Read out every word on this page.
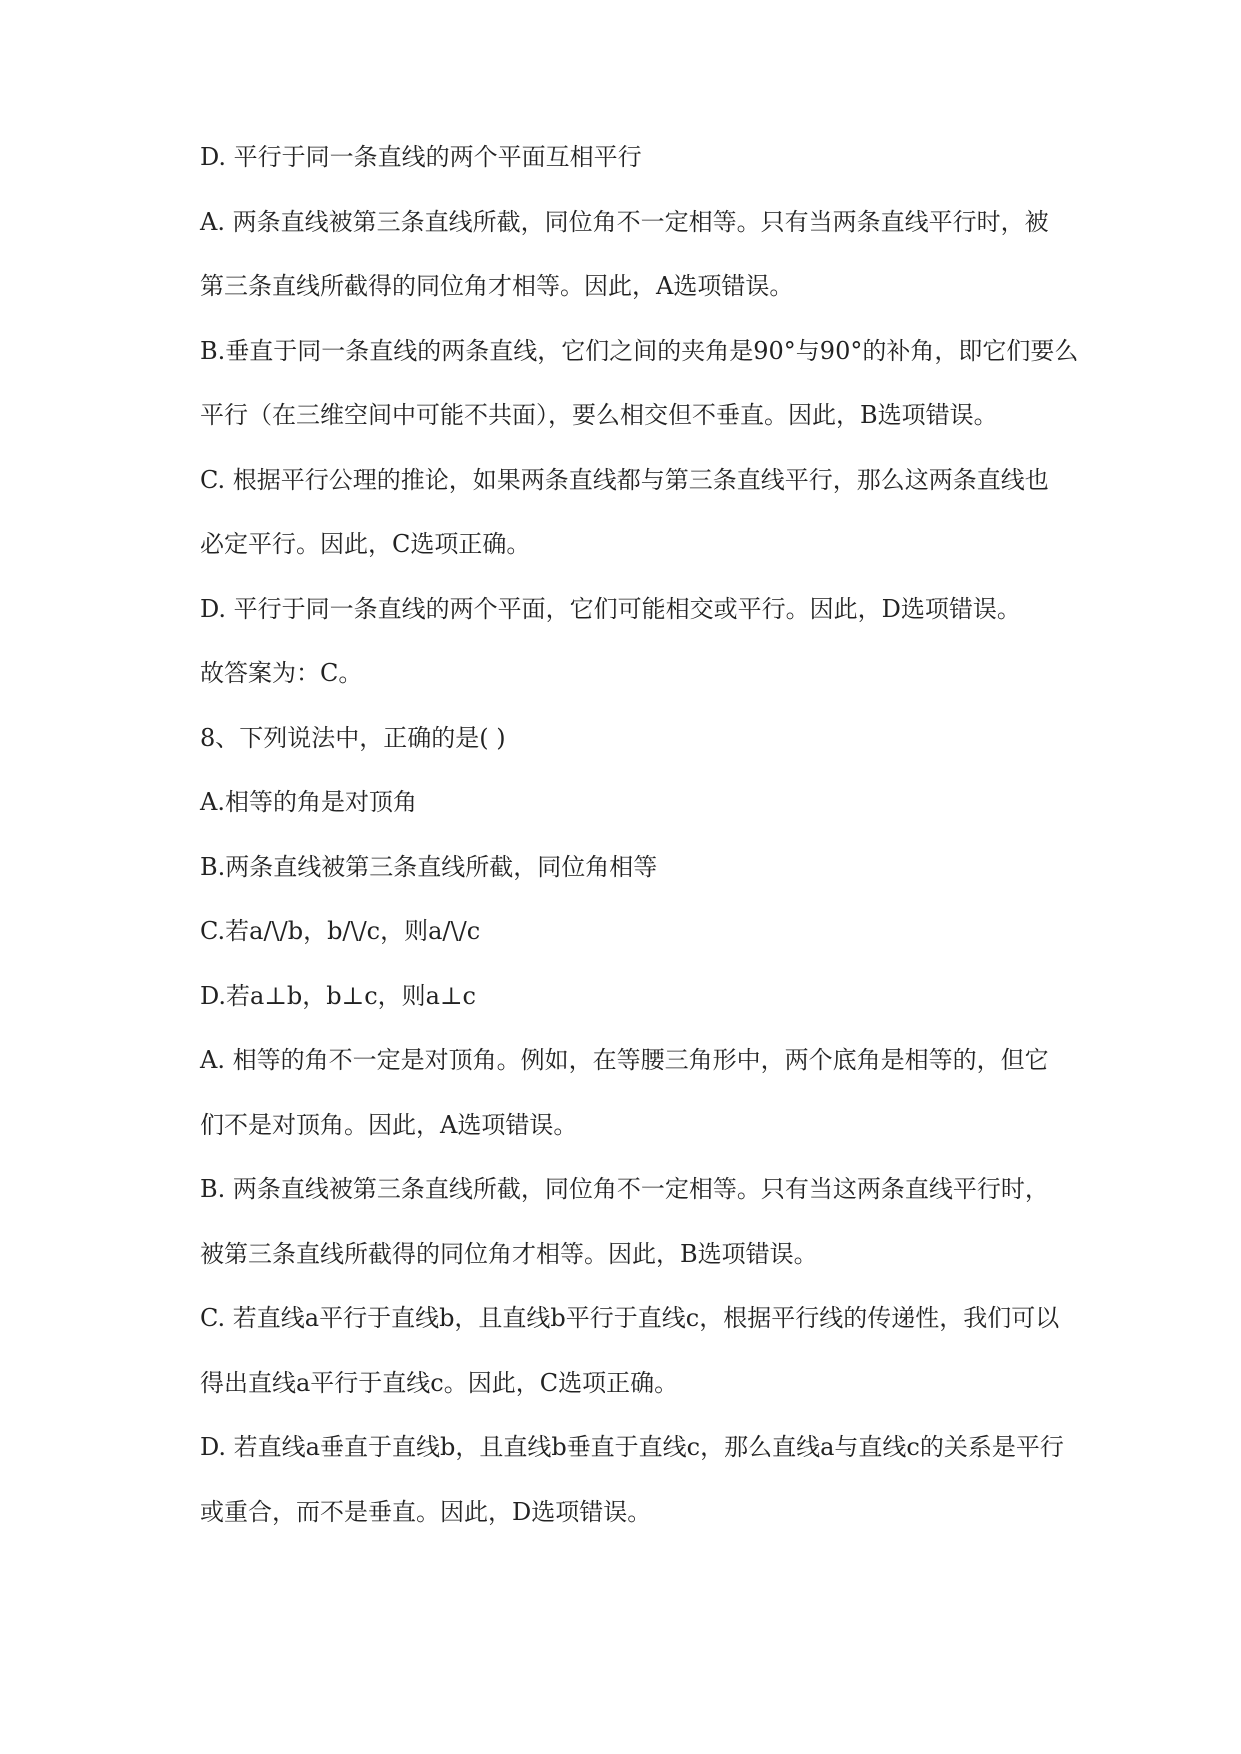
D. 平行于同一条直线的两个平面互相平行
A. 两条直线被第三条直线所截，同位角不一定相等。只有当两条直线平行时，被
第三条直线所截得的同位角才相等。因此，A选项错误。
B.垂直于同一条直线的两条直线，它们之间的夹角是90°与90°的补角，即它们要么
平行（在三维空间中可能不共面），要么相交但不垂直。因此，B选项错误。
C. 根据平行公理的推论，如果两条直线都与第三条直线平行，那么这两条直线也
必定平行。因此，C选项正确。
D. 平行于同一条直线的两个平面，它们可能相交或平行。因此，D选项错误。
故答案为：C。
8、下列说法中，正确的是( )
A.相等的角是对顶角
B.两条直线被第三条直线所截，同位角相等
C.若a/\/b，b/\/c，则a/\/c
D.若a⊥b，b⊥c，则a⊥c
A. 相等的角不一定是对顶角。例如，在等腰三角形中，两个底角是相等的，但它
们不是对顶角。因此，A选项错误。
B. 两条直线被第三条直线所截，同位角不一定相等。只有当这两条直线平行时，
被第三条直线所截得的同位角才相等。因此，B选项错误。
C. 若直线a平行于直线b，且直线b平行于直线c，根据平行线的传递性，我们可以
得出直线a平行于直线c。因此，C选项正确。
D. 若直线a垂直于直线b，且直线b垂直于直线c，那么直线a与直线c的关系是平行
或重合，而不是垂直。因此，D选项错误。
